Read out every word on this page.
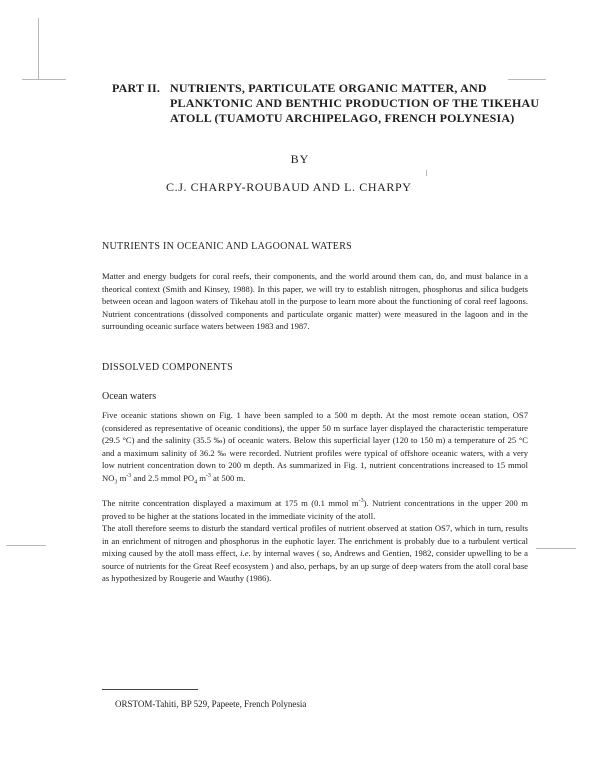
PART II. NUTRIENTS, PARTICULATE ORGANIC MATTER, AND PLANKTONIC AND BENTHIC PRODUCTION OF THE TIKEHAU ATOLL (TUAMOTU ARCHIPELAGO, FRENCH POLYNESIA)
BY
C.J. CHARPY-ROUBAUD AND L. CHARPY
NUTRIENTS IN OCEANIC AND LAGOONAL WATERS

Matter and energy budgets for coral reefs, their components, and the world around them can, do, and must balance in a theorical context (Smith and Kinsey, 1988). In this paper, we will try to establish nitrogen, phosphorus and silica budgets between ocean and lagoon waters of Tikehau atoll in the purpose to learn more about the functioning of coral reef lagoons. Nutrient concentrations (dissolved components and particulate organic matter) were measured in the lagoon and in the surrounding oceanic surface waters between 1983 and 1987.

DISSOLVED COMPONENTS
Ocean waters

Five oceanic stations shown on Fig. 1 have been sampled to a 500 m depth. At the most remote ocean station, OS7 (considered as representative of oceanic conditions), the upper 50 m surface layer displayed the characteristic temperature (29.5 °C) and the salinity (35.5 ‰) of oceanic waters. Below this superficial layer (120 to 150 m) a temperature of 25 °C and a maximum salinity of 36.2 ‰ were recorded. Nutrient profiles were typical of offshore oceanic waters, with a very low nutrient concentration down to 200 m depth. As summarized in Fig. 1, nutrient concentrations increased to 15 mmol $NO_3$ $m^{-3}$ and 2.5 mmol $PO_4$ $m^{-3}$ at 500 m.

The nitrite concentration displayed a maximum at 175 m (0.1 mmol $m^{-3}$). Nutrient concentrations in the upper 200 m proved to be higher at the stations located in the immediate vicinity of the atoll.

The atoll therefore seems to disturb the standard vertical profiles of nutrient observed at station OS7, which in turn, results in an enrichment of nitrogen and phosphorus in the euphotic layer. The enrichment is probably due to a turbulent vertical mixing caused by the atoll mass effect, i.e. by internal waves ( so, Andrews and Gentien, 1982, consider upwelling to be a source of nutrients for the Great Reef ecosystem ) and also, perhaps, by an up surge of deep waters from the atoll coral base as hypothesized by Rougerie and Wauthy (1986).

ORSTOM-Tahiti, BP 529, Papeete, French Polynesia
